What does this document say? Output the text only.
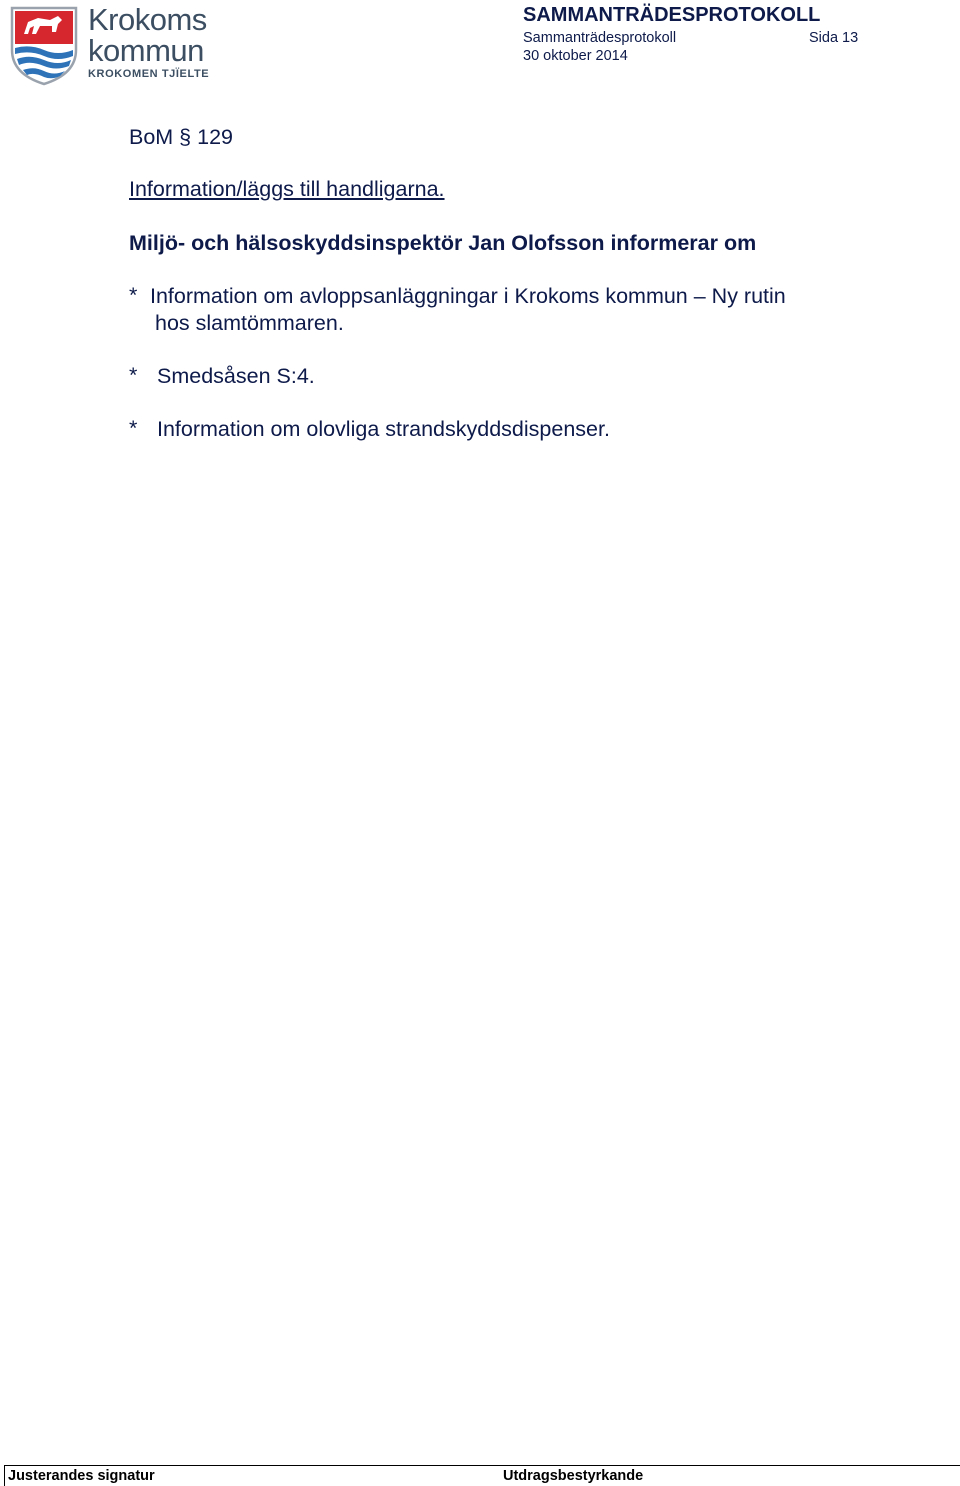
Krokoms
kommun
KROKOMEN TJÏELTE
SAMMANTRÄDESPROTOKOLL
Sammanträdesprotokoll	Sida 13
30 oktober 2014
BoM § 129
Information/läggs till handligarna.
Miljö- och hälsoskyddsinspektör Jan Olofsson informerar om
* Information om avloppsanläggningar i Krokoms kommun – Ny rutin
hos slamtömmaren.
* Smedsåsen S:4.
* Information om olovliga strandskyddsdispenser.
Justerandes signatur	Utdragsbestyrkande
